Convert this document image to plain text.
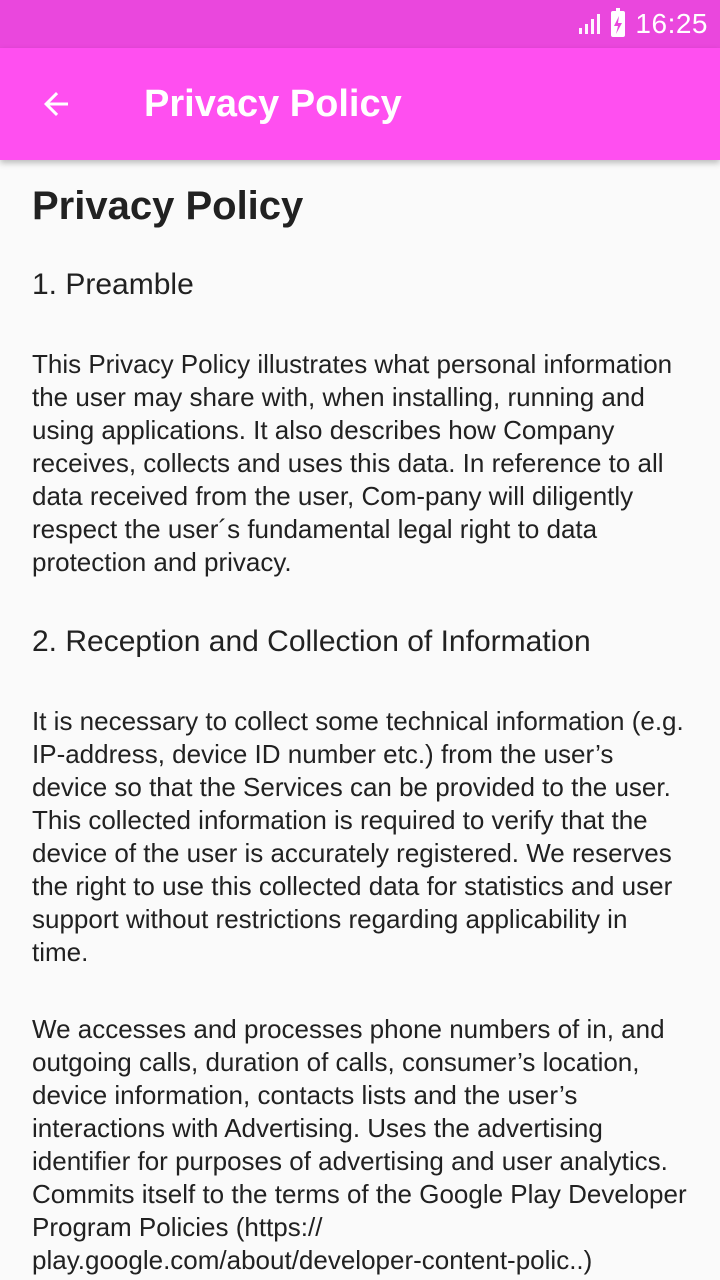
16:25
Privacy Policy
Privacy Policy
1. Preamble

This Privacy Policy illustrates what personal information the user may share with, when installing, running and using applications. It also describes how Company receives, collects and uses this data. In reference to all data received from the user, Com-pany will diligently respect the user´s fundamental legal right to data protection and privacy.

2. Reception and Collection of Information

It is necessary to collect some technical information (e.g. IP-address, device ID number etc.) from the user’s device so that the Services can be provided to the user. This collected information is required to verify that the device of the user is accurately registered. We reserves the right to use this collected data for statistics and user support without restrictions regarding applicability in time.

We accesses and processes phone numbers of in, and outgoing calls, duration of calls, consumer’s location, device information, contacts lists and the user’s interactions with Advertising. Uses the advertising identifier for purposes of advertising and user analytics. Commits itself to the terms of the Google Play Developer Program Policies (https:// play.google.com/about/developer-content-polic..)
